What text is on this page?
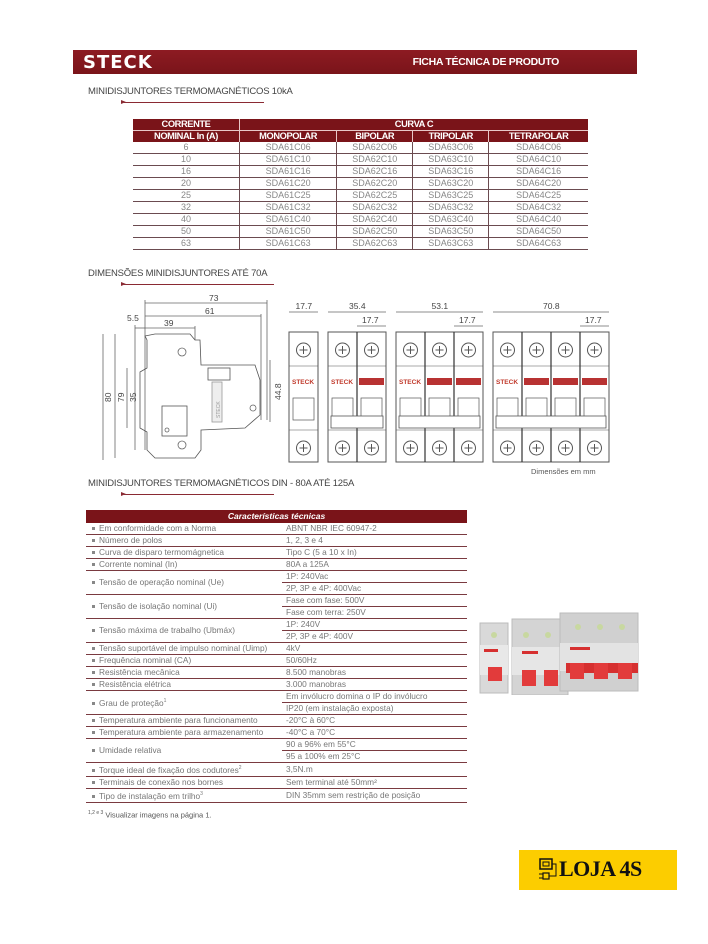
STECK	FICHA TÉCNICA DE PRODUTO
MINIDISJUNTORES TERMOMAGNÉTICOS 10kA
CORRENTE	CURVA C			
NOMINAL In (A)	MONOPOLAR	BIPOLAR	TRIPOLAR	TETRAPOLAR
6	SDA61C06	SDA62C06	SDA63C06	SDA64C06
10	SDA61C10	SDA62C10	SDA63C10	SDA64C10
16	SDA61C16	SDA62C16	SDA63C16	SDA64C16
20	SDA61C20	SDA62C20	SDA63C20	SDA64C20
25	SDA61C25	SDA62C25	SDA63C25	SDA64C25
32	SDA61C32	SDA62C32	SDA63C32	SDA64C32
40	SDA61C40	SDA62C40	SDA63C40	SDA64C40
50	SDA61C50	SDA62C50	SDA63C50	SDA64C50
63	SDA61C63	SDA62C63	SDA63C63	SDA64C63
DIMENSÕES MINIDISJUNTORES ATÉ 70A
73
61
39
5.5
80 79 35	44.8
STECK
17.7
STECK
35.4
17.7
STECK
53.1
17.7
STECK
70.8
17.7
STECK
Dimensões em mm
MINIDISJUNTORES TERMOMAGNÉTICOS DIN - 80A ATÉ 125A
Características técnicas	
Em conformidade com a Norma	ABNT NBR IEC 60947-2
Número de polos	1, 2, 3 e 4
Curva de disparo termomágnetica	Tipo C (5 a 10 x In)
Corrente nominal (In)	80A a 125A
Tensão de operação nominal (Ue)	1P: 240Vac
	2P, 3P e 4P: 400Vac
Tensão de isolação nominal (Ui)	Fase com fase: 500V
	Fase com terra: 250V
Tensão máxima de trabalho (Ubmáx)	1P: 240V
	2P, 3P e 4P: 400V
Tensão suportável de impulso nominal (Uimp)	4kV
Frequência nominal (CA)	50/60Hz
Resistência mecânica	8.500 manobras
Resistência elétrica	3.000 manobras
Grau de proteção$^1$	Em invólucro domina o IP do invólucro
	IP20 (em instalação exposta)
Temperatura ambiente para funcionamento	-20°C à 60°C
Temperatura ambiente para armazenamento	-40°C a 70°C
Umidade relativa	90 a 96% em 55°C
	95 a 100% em 25°C
Torque ideal de fixação dos codutores$^2$	3,5N.m
Terminais de conexão nos bornes	Sem terminal até 50mm²
Tipo de instalação em trilho$^3$	DIN 35mm sem restrição de posição
$^{1,2 e 3}$ Visualizar imagens na página 1.
LOJA 4S
